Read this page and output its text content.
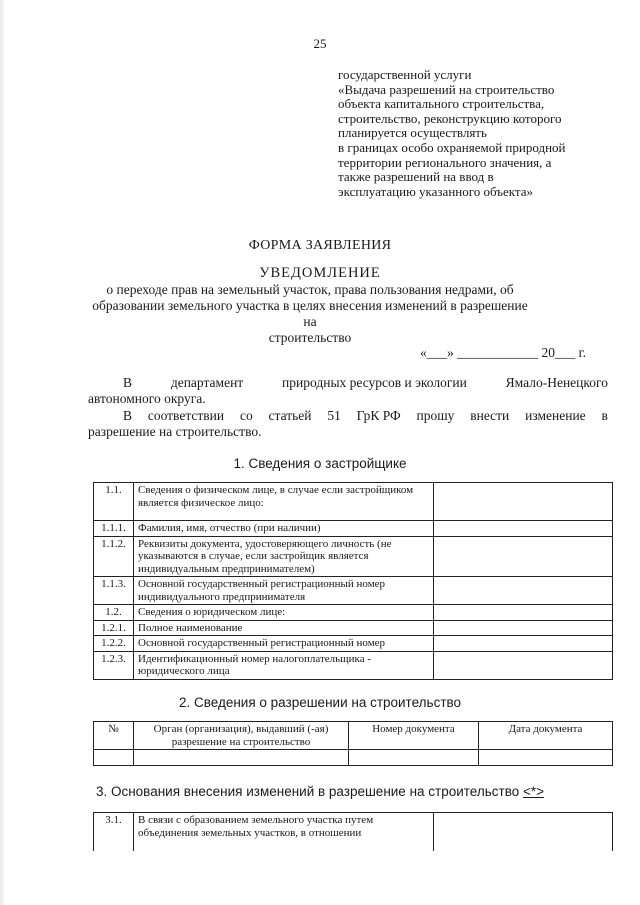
25
государственной услуги
«Выдача разрешений на строительство
объекта капитального строительства,
строительство, реконструкцию которого
планируется осуществлять
в границах особо охраняемой природной
территории регионального значения, а
также разрешений на ввод в
эксплуатацию указанного объекта»
ФОРМА ЗАЯВЛЕНИЯ
УВЕДОМЛЕНИЕ
о переходе прав на земельный участок, права пользования недрами, об
образовании земельного участка в целях внесения изменений в разрешение на
строительство
«___» ____________ 20___ г.
В	департамент	природных ресурсов и экологии	Ямало-Ненецкого
автономного округа.
В соответствии со статьей 51 ГрК РФ прошу внести изменение в
разрешение на строительство.
1. Сведения о застройщике
1.1.	Сведения о физическом лице, в случае если застройщиком является физическое лицо:	
1.1.1.	Фамилия, имя, отчество (при наличии)	
1.1.2.	Реквизиты документа, удостоверяющего личность (не указываются в случае, если застройщик является индивидуальным предпринимателем)	
1.1.3.	Основной государственный регистрационный номер индивидуального предпринимателя	
1.2.	Сведения о юридическом лице:	
1.2.1.	Полное наименование	
1.2.2.	Основной государственный регистрационный номер	
1.2.3.	Идентификационный номер налогоплательщика - юридического лица	
2. Сведения о разрешении на строительство
№	Орган (организация), выдавший (-ая) разрешение на строительство	Номер документа	Дата документа

3. Основания внесения изменений в разрешение на строительство <*>
3.1.	В связи с образованием земельного участка путем объединения земельных участков, в отношении	
